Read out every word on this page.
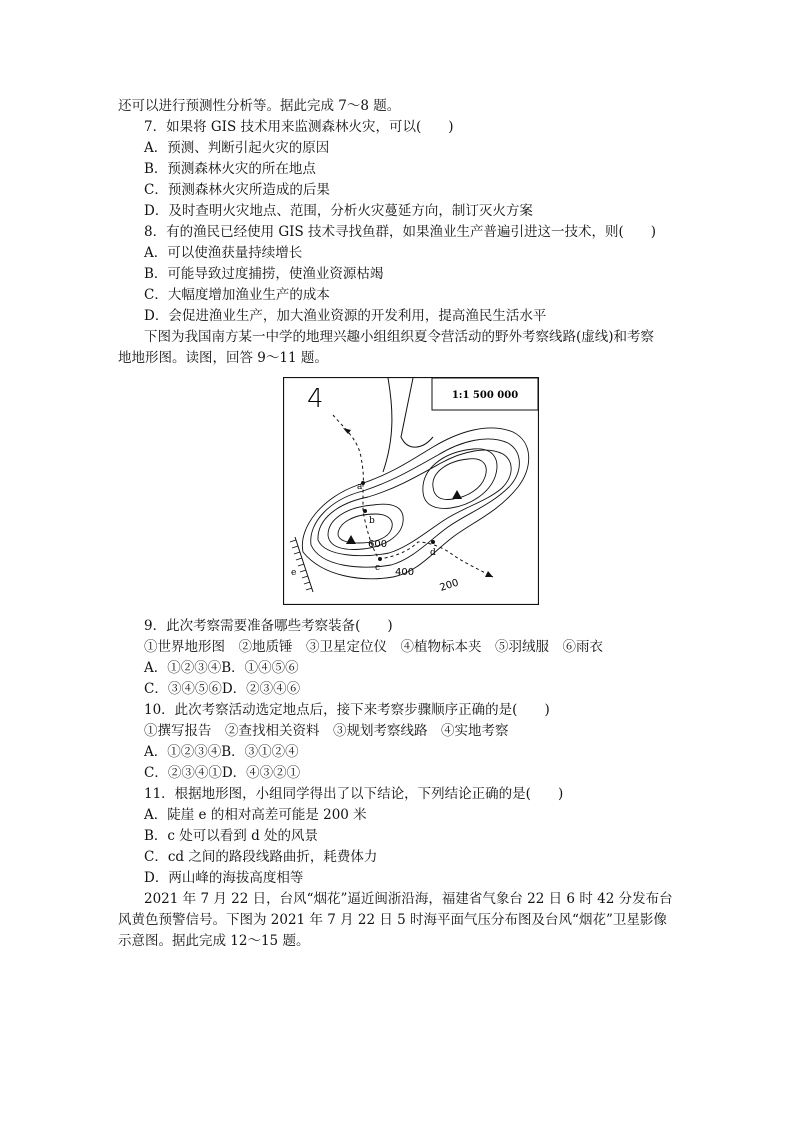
还可以进行预测性分析等。据此完成 7～8 题。
7．如果将 GIS 技术用来监测森林火灾，可以(　　)
A．预测、判断引起火灾的原因
B．预测森林火灾的所在地点
C．预测森林火灾所造成的后果
D．及时查明火灾地点、范围，分析火灾蔓延方向，制订灭火方案
8．有的渔民已经使用 GIS 技术寻找鱼群，如果渔业生产普遍引进这一技术，则(　　)
A．可以使渔获量持续增长
B．可能导致过度捕捞，使渔业资源枯竭
C．大幅度增加渔业生产的成本
D．会促进渔业生产，加大渔业资源的开发利用，提高渔民生活水平
下图为我国南方某一中学的地理兴趣小组组织夏令营活动的野外考察线路(虚线)和考察
地地形图。读图，回答 9～11 题。
1:1 500 000
4
a
b
c
d
e
600
400
200
9．此次考察需要准备哪些考察装备(　　)
①世界地形图　②地质锤　③卫星定位仪　④植物标本夹　⑤羽绒服　⑥雨衣
A．①②③④B．①④⑤⑥
C．③④⑤⑥D．②③④⑥
10．此次考察活动选定地点后，接下来考察步骤顺序正确的是(　　)
①撰写报告　②查找相关资料　③规划考察线路　④实地考察
A．①②③④B．③①②④
C．②③④①D．④③②①
11．根据地形图，小组同学得出了以下结论，下列结论正确的是(　　)
A．陡崖 e 的相对高差可能是 200 米
B．c 处可以看到 d 处的风景
C．cd 之间的路段线路曲折，耗费体力
D．两山峰的海拔高度相等
2021 年 7 月 22 日，台风“烟花”逼近闽浙沿海，福建省气象台 22 日 6 时 42 分发布台
风黄色预警信号。下图为 2021 年 7 月 22 日 5 时海平面气压分布图及台风“烟花”卫星影像
示意图。据此完成 12～15 题。
